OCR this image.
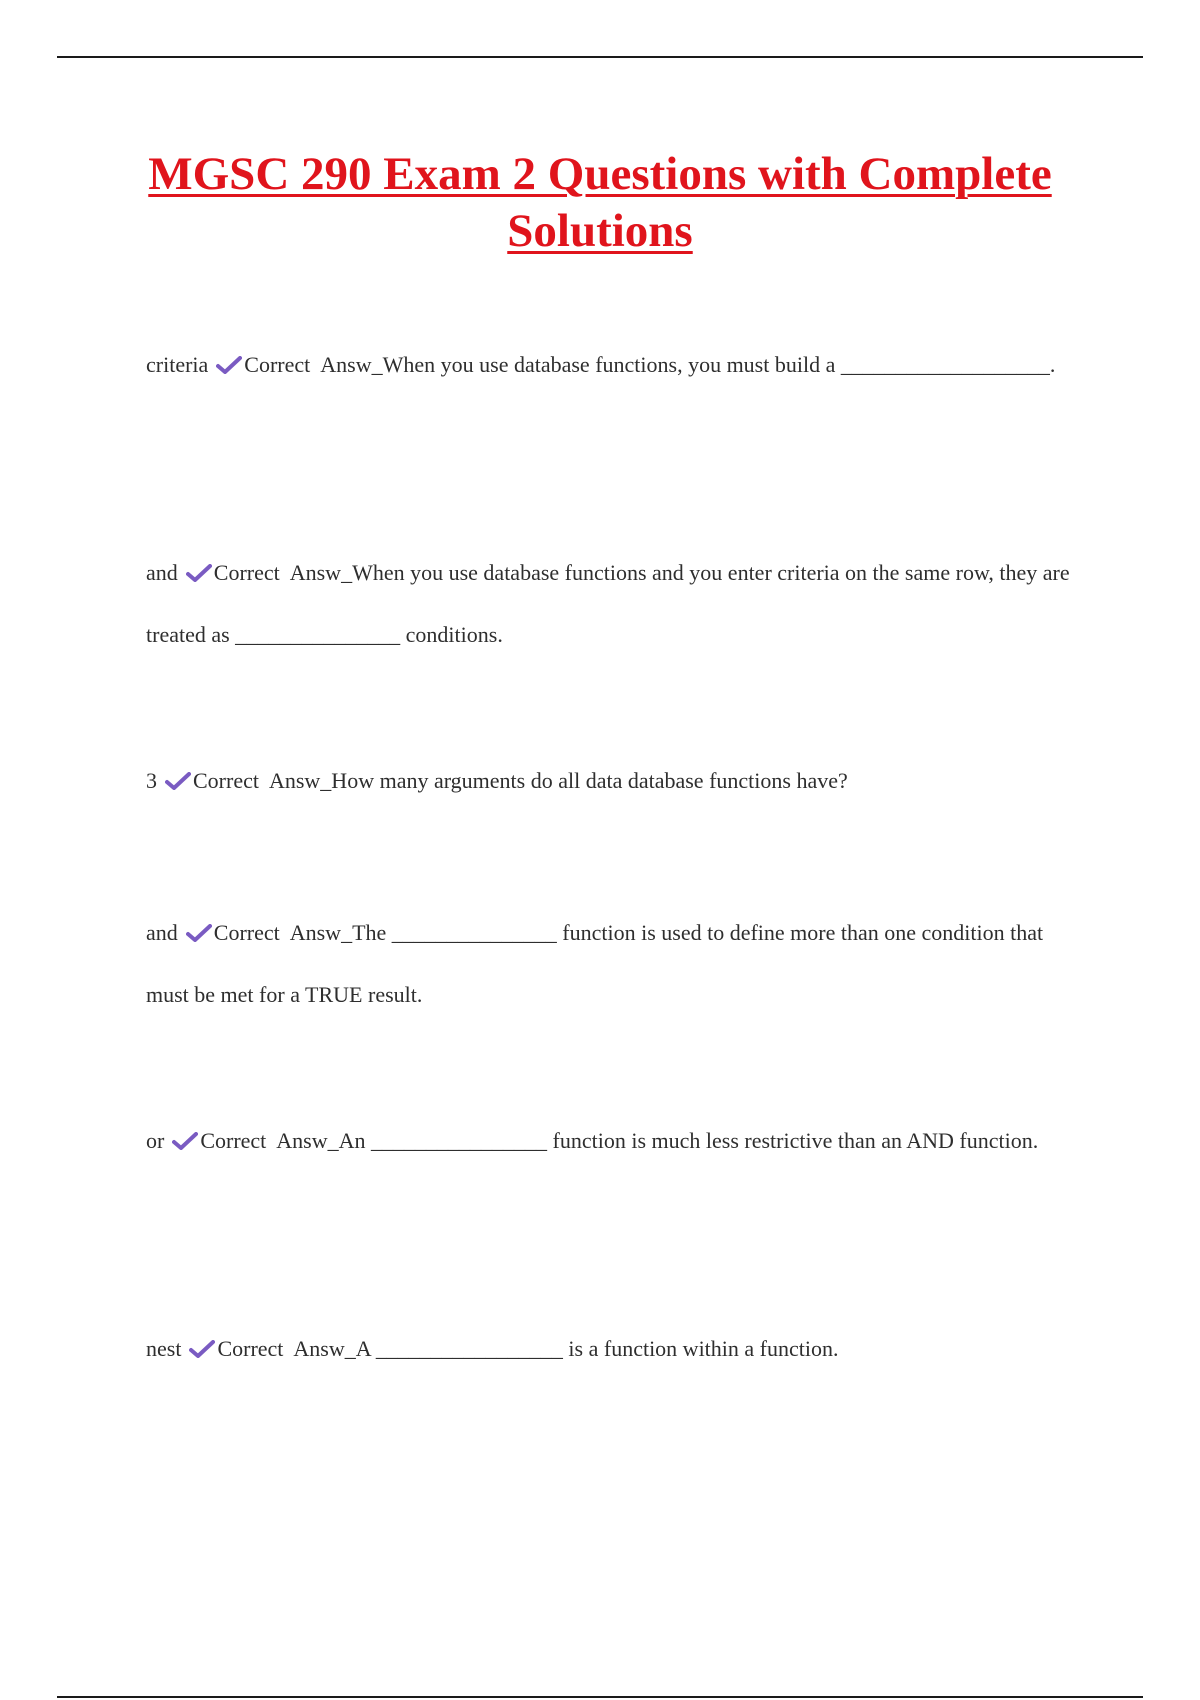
MGSC 290 Exam 2 Questions with Complete
Solutions

criteria Correct Answ_When you use database functions, you must build a ___________________.

and Correct Answ_When you use database functions and you enter criteria on the same row, they are treated as _______________ conditions.

3 Correct Answ_How many arguments do all data database functions have?

and Correct Answ_The _______________ function is used to define more than one condition that must be met for a TRUE result.

or Correct Answ_An ________________ function is much less restrictive than an AND function.

nest Correct Answ_A _________________ is a function within a function.
